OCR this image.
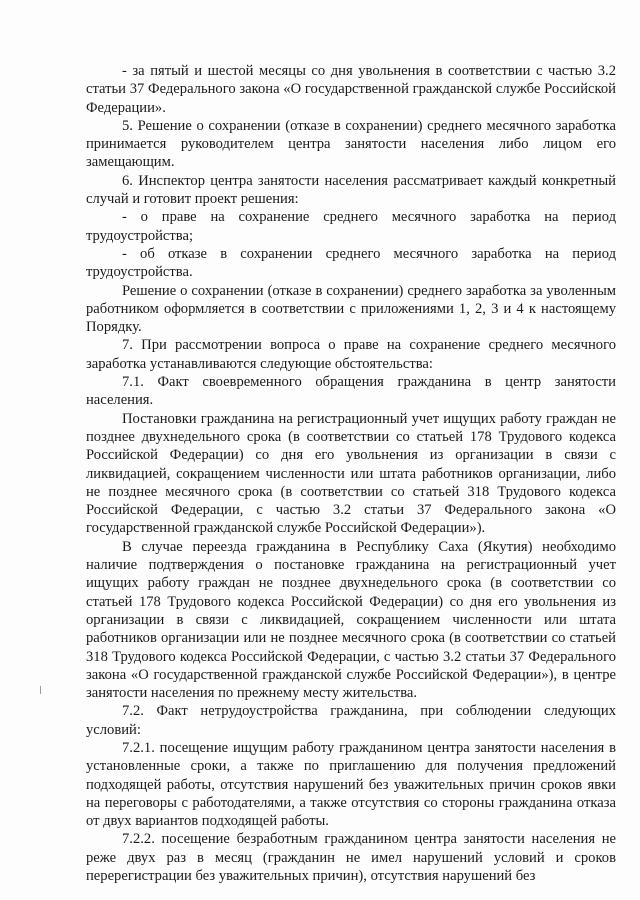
- за пятый и шестой месяцы со дня увольнения в соответствии с частью 3.2 статьи 37 Федерального закона «О государственной гражданской службе Российской Федерации».

5. Решение о сохранении (отказе в сохранении) среднего месячного заработка принимается руководителем центра занятости населения либо лицом его замещающим.

6. Инспектор центра занятости населения рассматривает каждый конкретный случай и готовит проект решения:

- о праве на сохранение среднего месячного заработка на период трудоустройства;

- об отказе в сохранении среднего месячного заработка на период трудоустройства.

Решение о сохранении (отказе в сохранении) среднего заработка за уволенным работником оформляется в соответствии с приложениями 1, 2, 3 и 4 к настоящему Порядку.

7. При рассмотрении вопроса о праве на сохранение среднего месячного заработка устанавливаются следующие обстоятельства:

7.1. Факт своевременного обращения гражданина в центр занятости населения.

Постановки гражданина на регистрационный учет ищущих работу граждан не позднее двухнедельного срока (в соответствии со статьей 178 Трудового кодекса Российской Федерации) со дня его увольнения из организации в связи с ликвидацией, сокращением численности или штата работников организации, либо не позднее месячного срока (в соответствии со статьей 318 Трудового кодекса Российской Федерации, с частью 3.2 статьи 37 Федерального закона «О государственной гражданской службе Российской Федерации»).

В случае переезда гражданина в Республику Саха (Якутия) необходимо наличие подтверждения о постановке гражданина на регистрационный учет ищущих работу граждан не позднее двухнедельного срока (в соответствии со статьей 178 Трудового кодекса Российской Федерации) со дня его увольнения из организации в связи с ликвидацией, сокращением численности или штата работников организации или не позднее месячного срока (в соответствии со статьей 318 Трудового кодекса Российской Федерации, с частью 3.2 статьи 37 Федерального закона «О государственной гражданской службе Российской Федерации»), в центре занятости населения по прежнему месту жительства.

7.2. Факт нетрудоустройства гражданина, при соблюдении следующих условий:

7.2.1. посещение ищущим работу гражданином центра занятости населения в установленные сроки, а также по приглашению для получения предложений подходящей работы, отсутствия нарушений без уважительных причин сроков явки на переговоры с работодателями, а также отсутствия со стороны гражданина отказа от двух вариантов подходящей работы.

7.2.2. посещение безработным гражданином центра занятости населения не реже двух раз в месяц (гражданин не имел нарушений условий и сроков перерегистрации без уважительных причин), отсутствия нарушений без
